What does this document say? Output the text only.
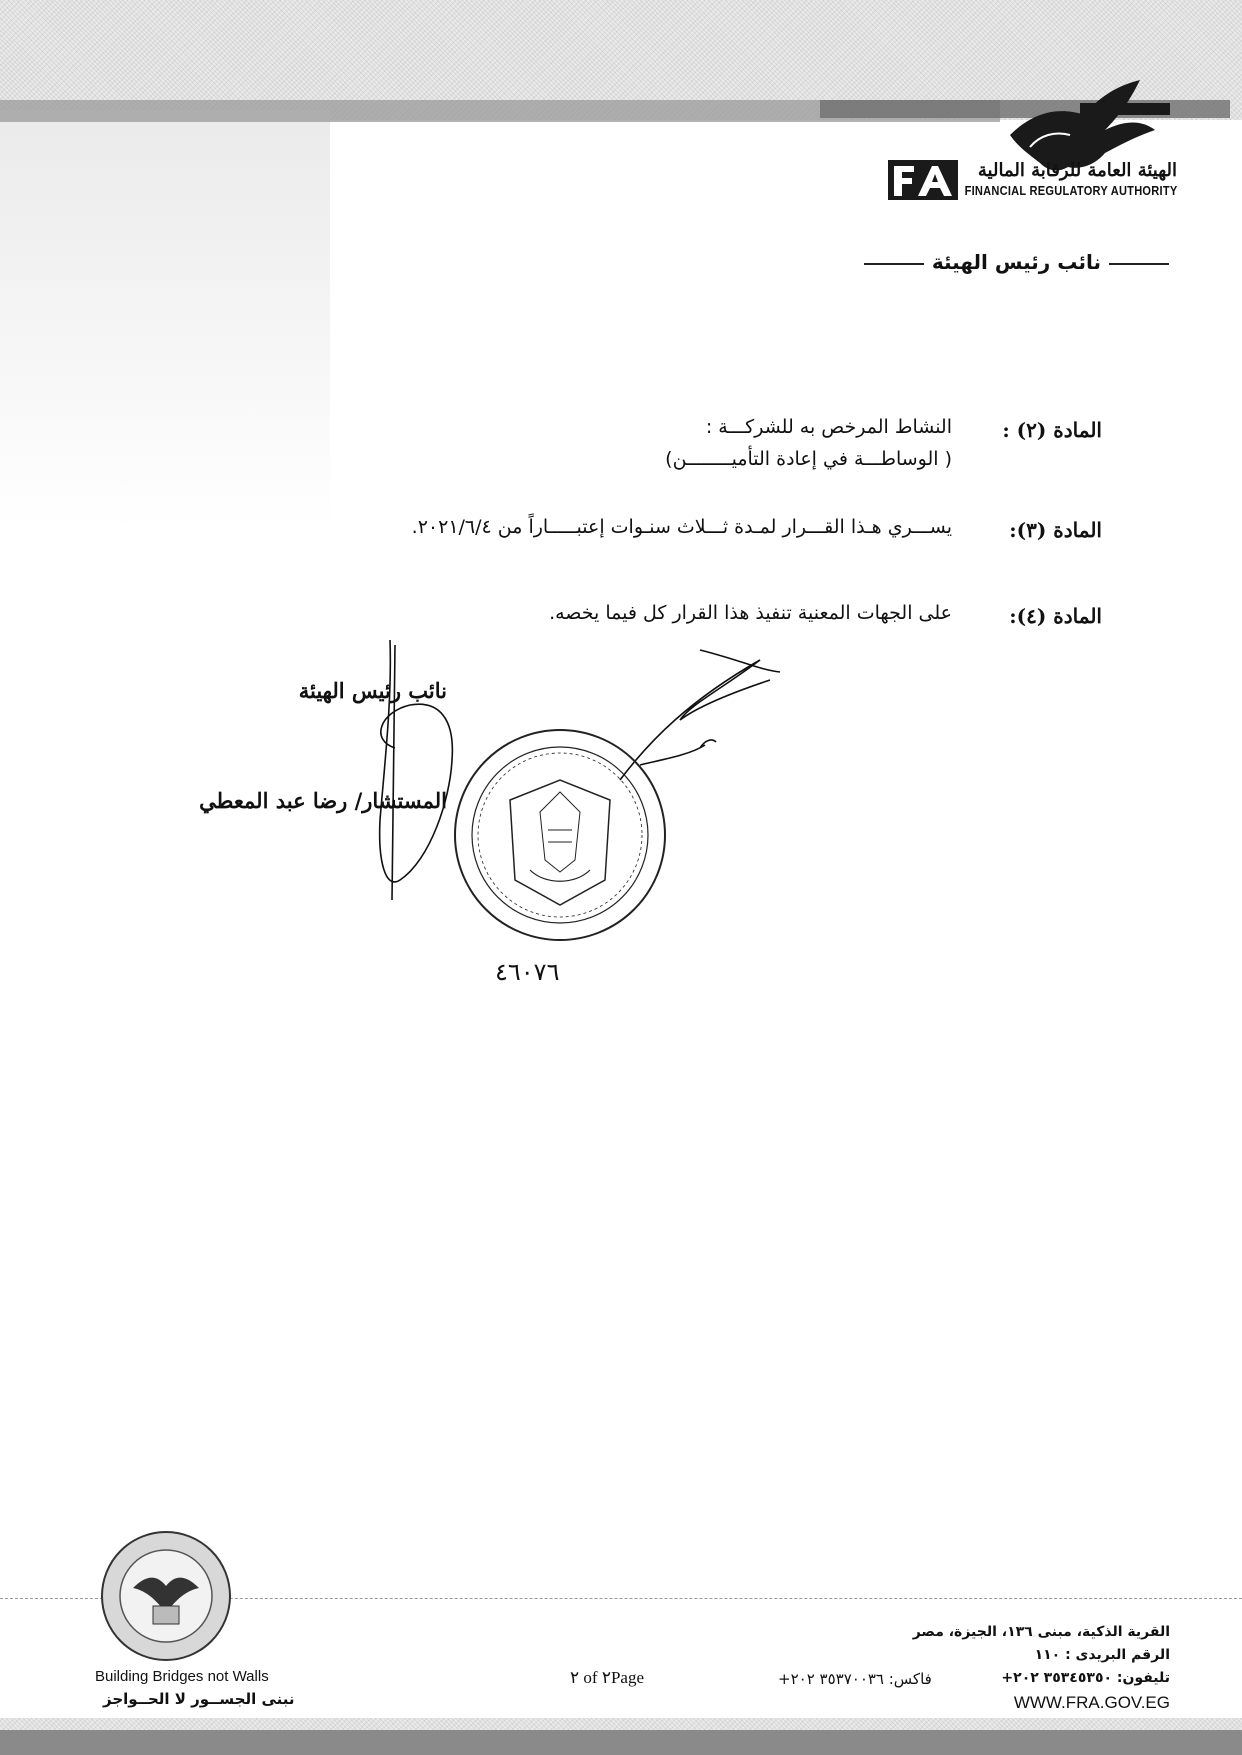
الهيئة العامة للرقابة المالية
FINANCIAL REGULATORY AUTHORITY
نائب رئيس الهيئة
المادة (٢) :
النشاط المرخص به للشركـــة :
( الوساطـــة في إعادة التأميــــــــن)
المادة (٣):
يســـري هـذا القـــرار لمـدة ثـــلاث سنـوات إعتبـــــاراً من ٢٠٢١/٦/٤.
المادة (٤):
على الجهات المعنية تنفيذ هذا القرار كل فيما يخصه.
نائب رئيس الهيئة
المستشار/ رضا عبد المعطي
٤٦٠٧٦
القرية الذكية، مبنى ١٣٦، الجيزة، مصر
الرقم البريدى : ١١٠
تليفون: ٣٥٣٤٥٣٥٠ ٢٠٢+
فاكس: ٣٥٣٧٠٠٣٦ ٢٠٢+
WWW.FRA.GOV.EG
٢ of ٢Page
Building Bridges not Walls
نبنى الجســور لا الحــواجز
